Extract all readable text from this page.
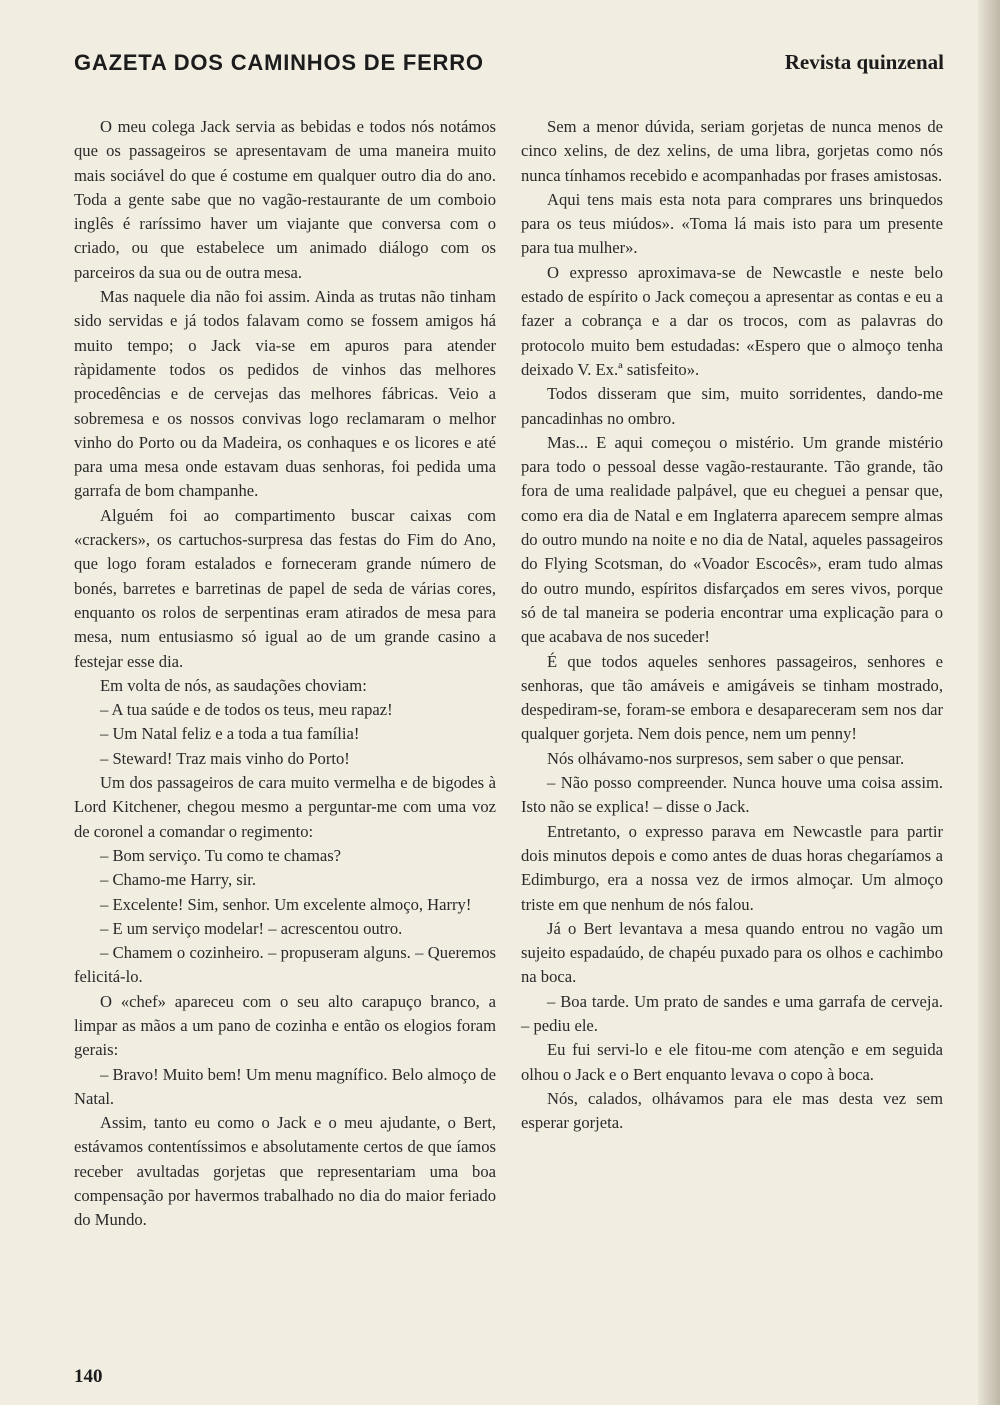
GAZETA DOS CAMINHOS DE FERRO	Revista quinzenal

O meu colega Jack servia as bebidas e todos nós notámos que os passageiros se apresentavam de uma maneira muito mais sociável do que é costume em qualquer outro dia do ano. Toda a gente sabe que no vagão-restaurante de um comboio inglês é raríssimo haver um viajante que conversa com o criado, ou que estabelece um animado diálogo com os parceiros da sua ou de outra mesa.

Mas naquele dia não foi assim. Ainda as trutas não tinham sido servidas e já todos falavam como se fossem amigos há muito tempo; o Jack via-se em apuros para atender ràpidamente todos os pedidos de vinhos das melhores procedências e de cervejas das melhores fábricas. Veio a sobremesa e os nossos convivas logo reclamaram o melhor vinho do Porto ou da Madeira, os conhaques e os licores e até para uma mesa onde estavam duas senhoras, foi pedida uma garrafa de bom champanhe.

Alguém foi ao compartimento buscar caixas com «crackers», os cartuchos-surpresa das festas do Fim do Ano, que logo foram estalados e forneceram grande número de bonés, barretes e barretinas de papel de seda de várias cores, enquanto os rolos de serpentinas eram atirados de mesa para mesa, num entusiasmo só igual ao de um grande casino a festejar esse dia.

Em volta de nós, as saudações choviam:

– A tua saúde e de todos os teus, meu rapaz!

– Um Natal feliz e a toda a tua família!

– Steward! Traz mais vinho do Porto!

Um dos passageiros de cara muito vermelha e de bigodes à Lord Kitchener, chegou mesmo a perguntar-me com uma voz de coronel a comandar o regimento:

– Bom serviço. Tu como te chamas?

– Chamo-me Harry, sir.

– Excelente! Sim, senhor. Um excelente almoço, Harry!

– E um serviço modelar! – acrescentou outro.

– Chamem o cozinheiro. – propuseram alguns. – Queremos felicitá-lo.

O «chef» apareceu com o seu alto carapuço branco, a limpar as mãos a um pano de cozinha e então os elogios foram gerais:

– Bravo! Muito bem! Um menu magnífico. Belo almoço de Natal.

Assim, tanto eu como o Jack e o meu ajudante, o Bert, estávamos contentíssimos e absolutamente certos de que íamos receber avultadas gorjetas que representariam uma boa compensação por havermos trabalhado no dia do maior feriado do Mundo.

Sem a menor dúvida, seriam gorjetas de nunca menos de cinco xelins, de dez xelins, de uma libra, gorjetas como nós nunca tínhamos recebido e acompanhadas por frases amistosas.

Aqui tens mais esta nota para comprares uns brinquedos para os teus miúdos». «Toma lá mais isto para um presente para tua mulher».

O expresso aproximava-se de Newcastle e neste belo estado de espírito o Jack começou a apresentar as contas e eu a fazer a cobrança e a dar os trocos, com as palavras do protocolo muito bem estudadas: «Espero que o almoço tenha deixado V. Ex.ª satisfeito».

Todos disseram que sim, muito sorridentes, dando-me pancadinhas no ombro.

Mas... E aqui começou o mistério. Um grande mistério para todo o pessoal desse vagão-restaurante. Tão grande, tão fora de uma realidade palpável, que eu cheguei a pensar que, como era dia de Natal e em Inglaterra aparecem sempre almas do outro mundo na noite e no dia de Natal, aqueles passageiros do Flying Scotsman, do «Voador Escocês», eram tudo almas do outro mundo, espíritos disfarçados em seres vivos, porque só de tal maneira se poderia encontrar uma explicação para o que acabava de nos suceder!

É que todos aqueles senhores passageiros, senhores e senhoras, que tão amáveis e amigáveis se tinham mostrado, despediram-se, foram-se embora e desapareceram sem nos dar qualquer gorjeta. Nem dois pence, nem um penny!

Nós olhávamo-nos surpresos, sem saber o que pensar.

– Não posso compreender. Nunca houve uma coisa assim. Isto não se explica! – disse o Jack.

Entretanto, o expresso parava em Newcastle para partir dois minutos depois e como antes de duas horas chegaríamos a Edimburgo, era a nossa vez de irmos almoçar. Um almoço triste em que nenhum de nós falou.

Já o Bert levantava a mesa quando entrou no vagão um sujeito espadaúdo, de chapéu puxado para os olhos e cachimbo na boca.

– Boa tarde. Um prato de sandes e uma garrafa de cerveja. – pediu ele.

Eu fui servi-lo e ele fitou-me com atenção e em seguida olhou o Jack e o Bert enquanto levava o copo à boca.

Nós, calados, olhávamos para ele mas desta vez sem esperar gorjeta.

140
